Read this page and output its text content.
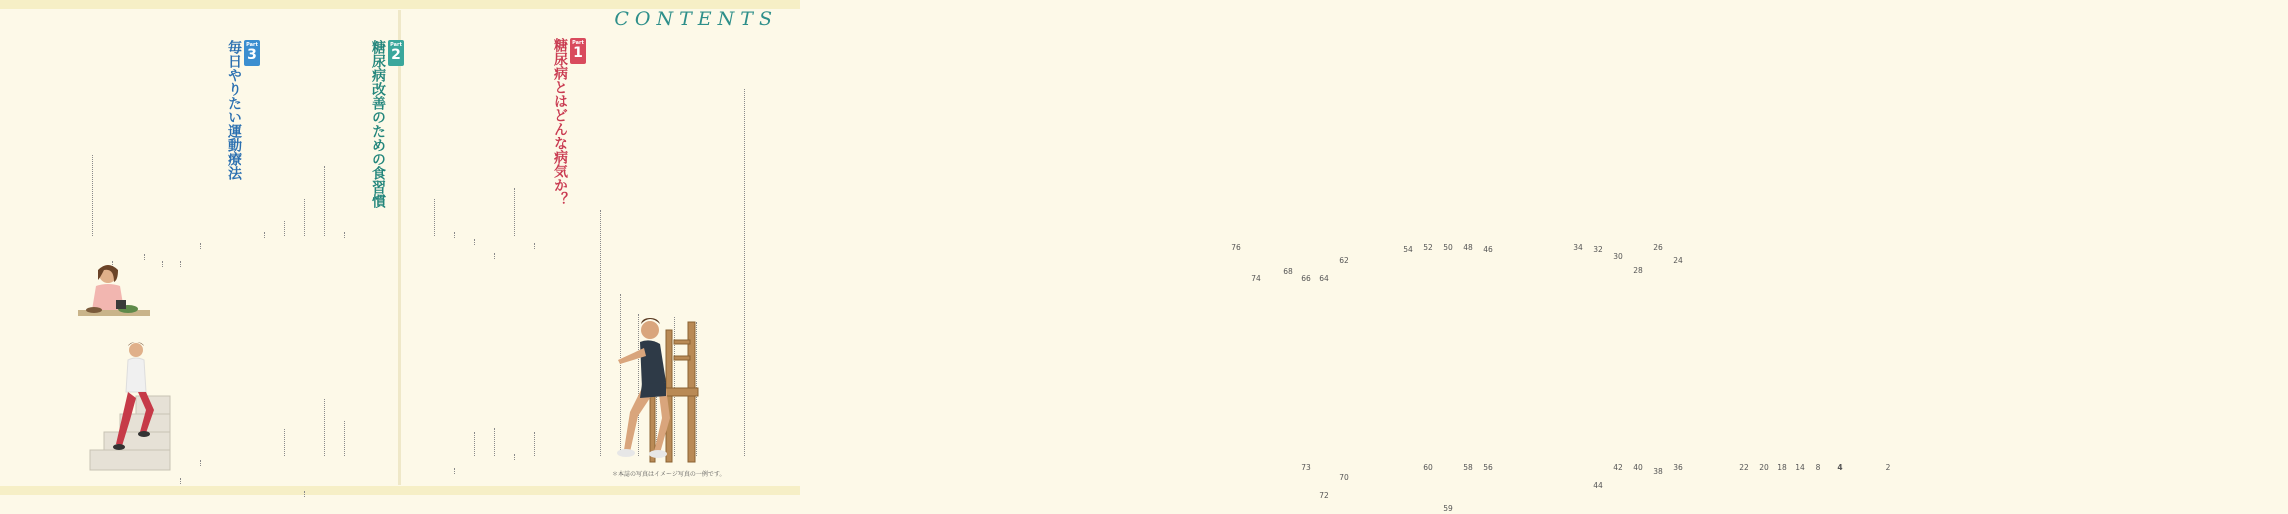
CONTENTS
2
4
8
14
18
20
22
Part
1
糖尿病とはどんな病気か？
24
26
28
30
32
34
36
38
40
42
44
＊本誌の写真はイメージ写真の一例です。
Part
2
糖尿病改善のための食習慣
46
48
50
52
54
56
58
59
60
Part
3
毎日やりたい運動療法
62
64
66
68
74
76
70
72
73
